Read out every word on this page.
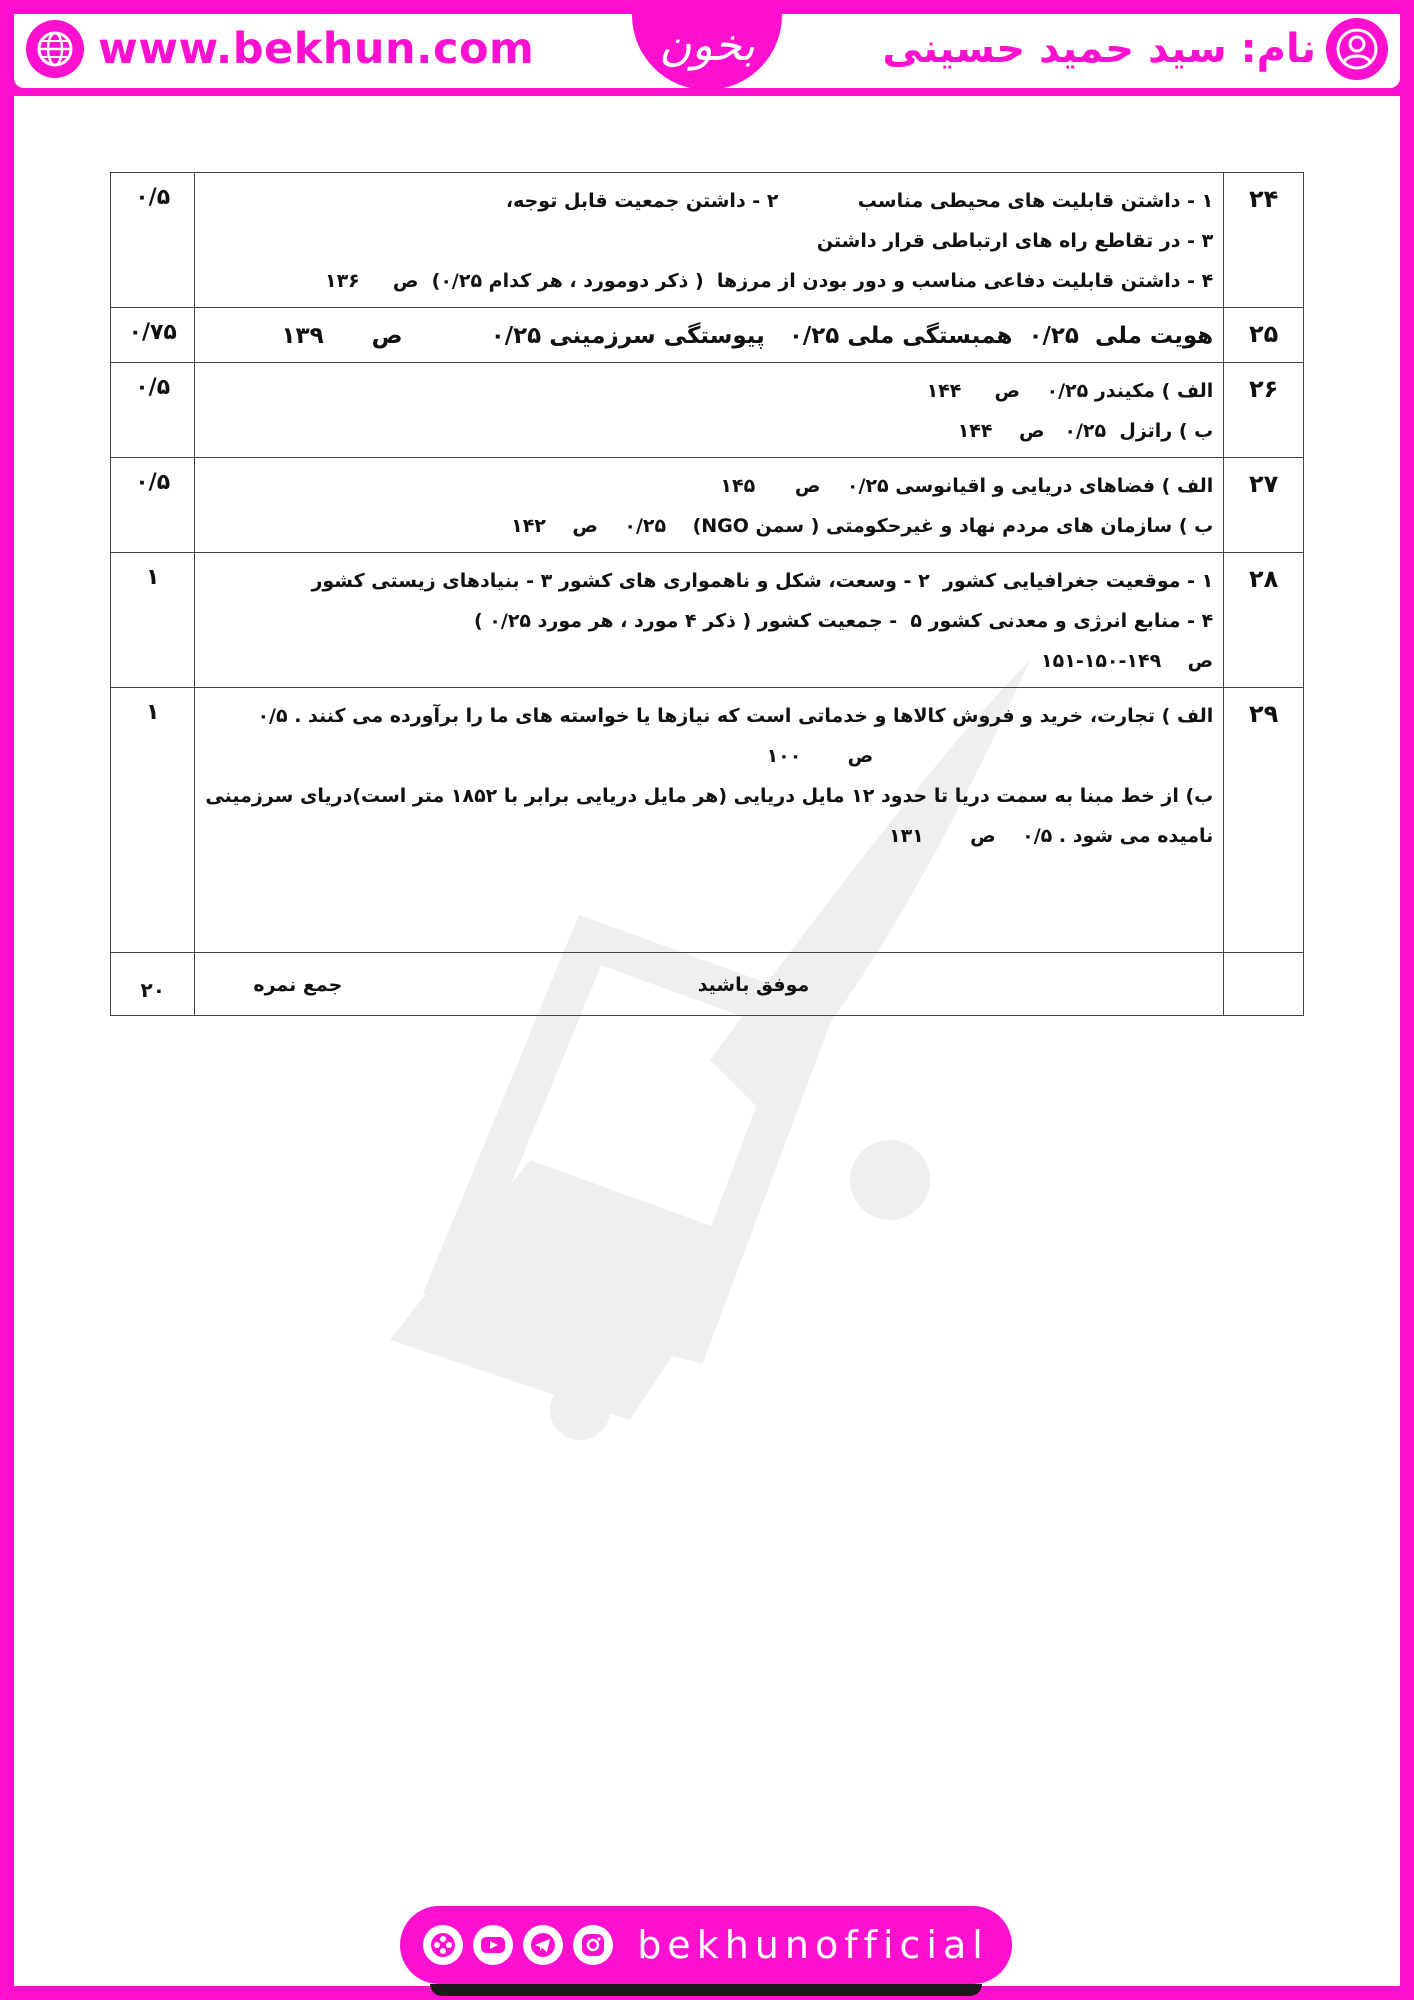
www.bekhun.com	بخون	نام: سید حمید حسینی
۲۴	۱ - داشتن قابلیت های محیطی مناسب            ۲ - داشتن جمعیت قابل توجه،
۳ - در تقاطع راه های ارتباطی قرار داشتن
۴ - داشتن قابلیت دفاعی مناسب و دور بودن از مرزها  ( ذکر دومورد ، هر کدام ۰/۲۵)  ص     ۱۳۶	۰/۵
۲۵	هویت ملی  ۰/۲۵  همبستگی ملی ۰/۲۵   پیوستگی سرزمینی ۰/۲۵           ص      ۱۳۹	۰/۷۵
۲۶	الف ) مکیندر ۰/۲۵    ص     ۱۴۴
ب ) راتزل  ۰/۲۵   ص    ۱۴۴	۰/۵
۲۷	الف ) فضاهای دریایی و اقیانوسی ۰/۲۵    ص      ۱۴۵
ب ) سازمان های مردم نهاد و غیرحکومتی ( سمن NGO)    ۰/۲۵    ص    ۱۴۲	۰/۵
۲۸	۱ - موقعیت جغرافیایی کشور  ۲ - وسعت، شکل و ناهمواری های کشور ۳ - بنیادهای زیستی کشور
۴ - منابع انرژی و معدنی کشور ۵  - جمعیت کشور ( ذکر ۴ مورد ، هر مورد ۰/۲۵ )
ص    ۱۴۹-۱۵۰-۱۵۱	۱
۲۹	الف ) تجارت، خرید و فروش کالاها و خدماتی است که نیازها یا خواسته های ما را برآورده می کنند . ۰/۵
ص       ۱۰۰
ب) از خط مبنا به سمت دریا تا حدود ۱۲ مایل دریایی (هر مایل دریایی برابر با ۱۸۵۲ متر است)دریای سرزمینی
نامیده می شود . ۰/۵    ص       ۱۳۱	۱

	موفق باشید
جمع نمره	۲۰
bekhunofficial
